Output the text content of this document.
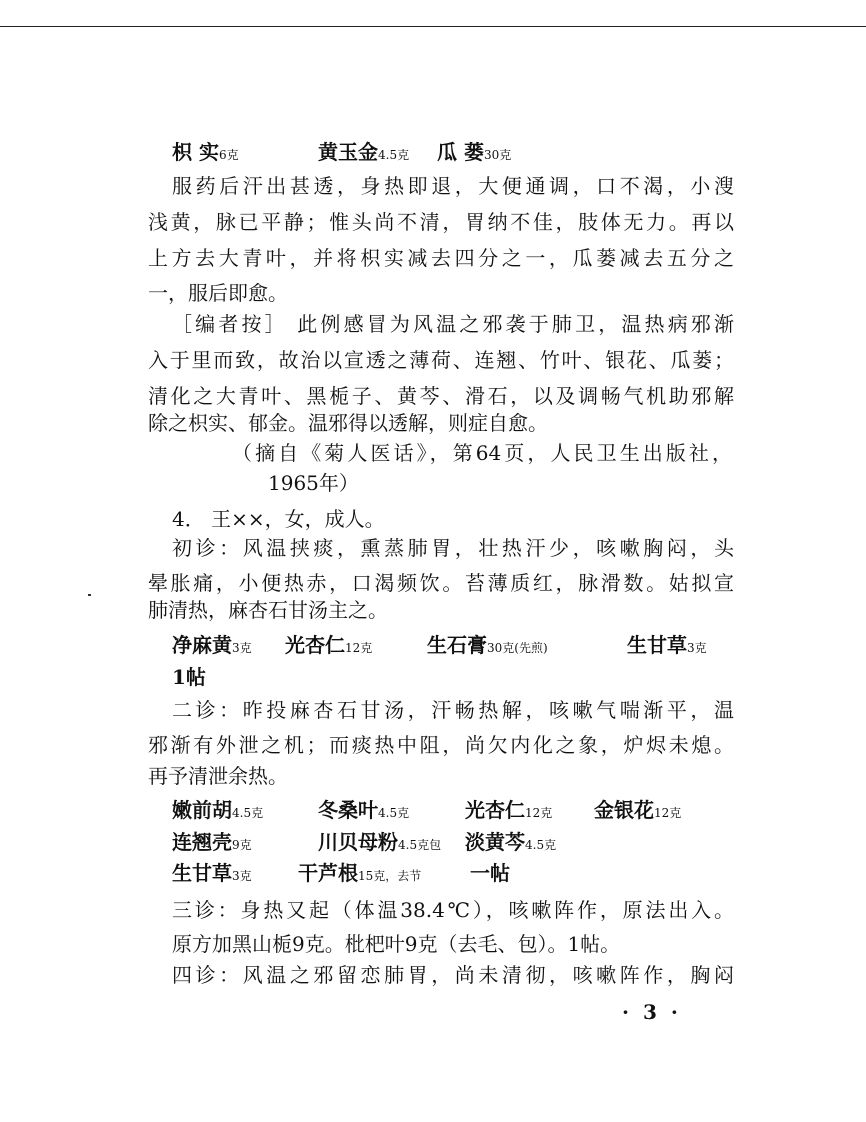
服药后汗出甚透，身热即退，大便通调，口不渴，小溲
浅黄，脉已平静；惟头尚不清，胃纳不佳，肢体无力。再以
上方去大青叶，并将枳实减去四分之一，瓜蒌减去五分之
一，服后即愈。
［编者按］ 此例感冒为风温之邪袭于肺卫，温热病邪渐
入于里而致，故治以宣透之薄荷、连翘、竹叶、银花、瓜蒌；
清化之大青叶、黑栀子、黄芩、滑石，以及调畅气机助邪解
除之枳实、郁金。温邪得以透解，则症自愈。
（摘自《菊人医话》，第64页，人民卫生出版社，
1965年）
4． 王××，女，成人。
初诊：风温挟痰，熏蒸肺胃，壮热汗少，咳嗽胸闷，头
晕胀痛，小便热赤，口渴频饮。苔薄质红，脉滑数。姑拟宣
肺清热，麻杏石甘汤主之。
二诊：昨投麻杏石甘汤，汗畅热解，咳嗽气喘渐平，温
邪渐有外泄之机；而痰热中阻，尚欠内化之象，炉烬未熄。
再予清泄余热。
三诊：身热又起（体温38.4℃），咳嗽阵作，原法出入。
原方加黑山栀9克。枇杷叶9克（去毛、包）。1帖。
四诊：风温之邪留恋肺胃，尚未清彻，咳嗽阵作，胸闷
枳 实6克	黄玉金4.5克 瓜 蒌30克
净麻黄3克 光杏仁12克	生石膏30克(先煎)	生甘草3克
1帖
嫩前胡4.5克	冬桑叶4.5克	光杏仁12克 金银花12克
连翘壳9克	川贝母粉4.5克包 淡黄芩4.5克
生甘草3克 干芦根15克，去节 一帖
·3·
